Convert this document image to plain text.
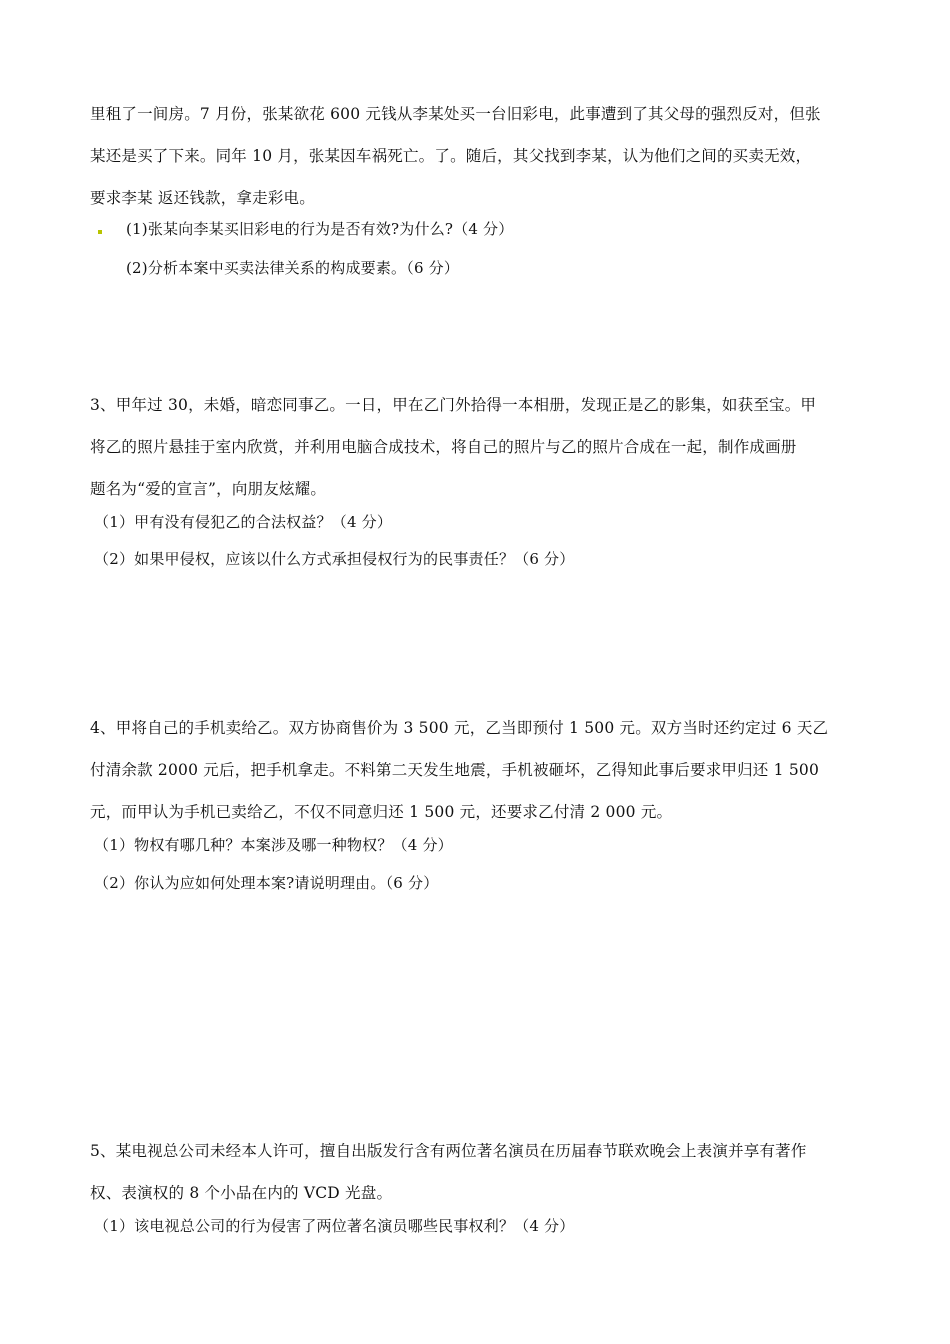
里租了一间房。7 月份，张某欲花 600 元钱从李某处买一台旧彩电，此事遭到了其父母的强烈反对，但张
某还是买了下来。同年 10 月，张某因车祸死亡。了。随后，其父找到李某，认为他们之间的买卖无效，
要求李某 返还钱款，拿走彩电。
(1)张某向李某买旧彩电的行为是否有效?为什么?（4 分）
(2)分析本案中买卖法律关系的构成要素。（6 分）
3、甲年过 30，未婚，暗恋同事乙。一日，甲在乙门外拾得一本相册，发现正是乙的影集，如获至宝。甲
将乙的照片悬挂于室内欣赏，并利用电脑合成技术，将自己的照片与乙的照片合成在一起，制作成画册
题名为“爱的宣言”，向朋友炫耀。
（1）甲有没有侵犯乙的合法权益？（4 分）
（2）如果甲侵权，应该以什么方式承担侵权行为的民事责任？（6 分）
4、甲将自己的手机卖给乙。双方协商售价为 3 500 元，乙当即预付 1 500 元。双方当时还约定过 6 天乙
付清余款 2000 元后，把手机拿走。不料第二天发生地震，手机被砸坏，乙得知此事后要求甲归还 1 500
元，而甲认为手机已卖给乙，不仅不同意归还 1 500 元，还要求乙付清 2 000 元。
（1）物权有哪几种？本案涉及哪一种物权？（4 分）
（2）你认为应如何处理本案?请说明理由。（6 分）
5、某电视总公司未经本人许可，擅自出版发行含有两位著名演员在历届春节联欢晚会上表演并享有著作
权、表演权的 8 个小品在内的 VCD 光盘。
（1）该电视总公司的行为侵害了两位著名演员哪些民事权利？（4 分）
